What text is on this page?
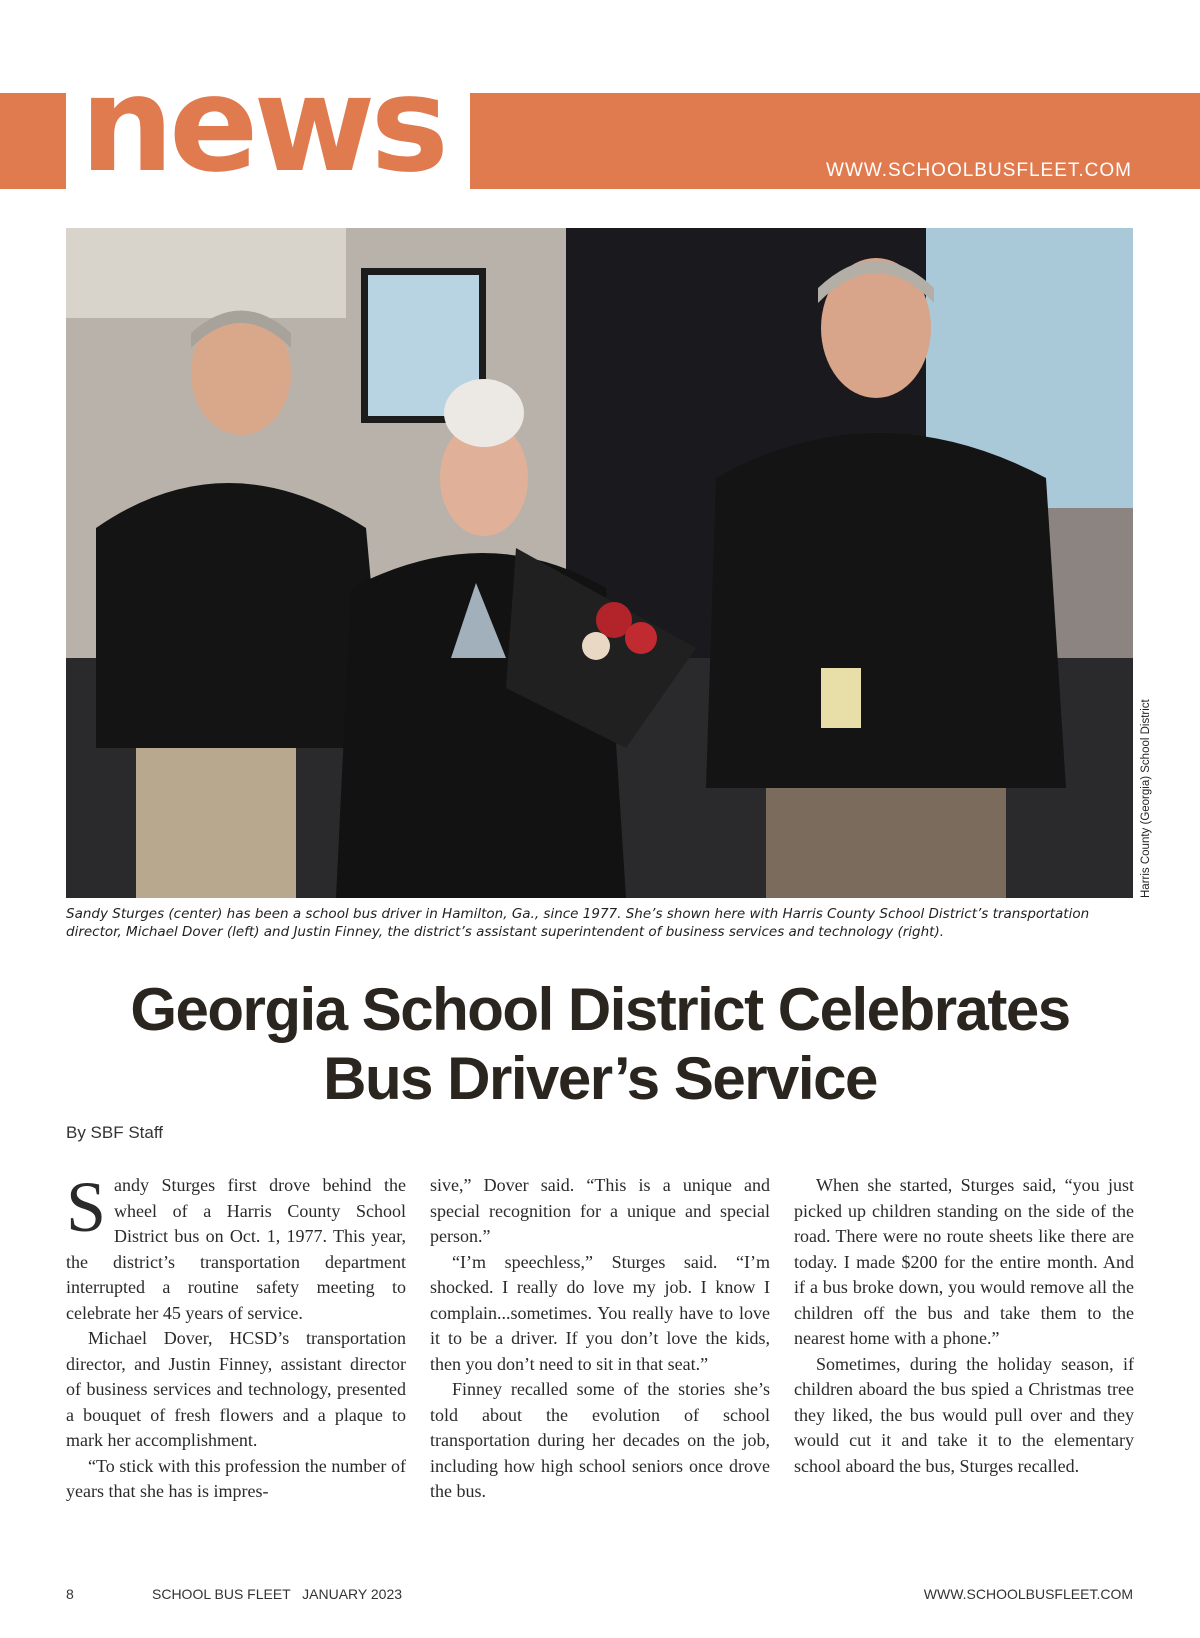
news	WWW.SCHOOLBUSFLEET.COM
Harris County (Georgia) School District
Sandy Sturges (center) has been a school bus driver in Hamilton, Ga., since 1977. She’s shown here with Harris County School District’s transportation director, Michael Dover (left) and Justin Finney, the district’s assistant superintendent of business services and technology (right).
Georgia School District Celebrates
Bus Driver’s Service
By SBF Staff

Sandy Sturges first drove behind the wheel of a Harris County School District bus on Oct. 1, 1977. This year, the district’s transportation department interrupted a routine safety meeting to celebrate her 45 years of service.

Michael Dover, HCSD’s transportation director, and Justin Finney, assistant director of business services and technology, presented a bouquet of fresh flowers and a plaque to mark her accomplishment.

“To stick with this profession the number of years that she has is impres-

sive,” Dover said. “This is a unique and special recognition for a unique and special person.”

“I’m speechless,” Sturges said. “I’m shocked. I really do love my job. I know I complain...sometimes. You really have to love it to be a driver. If you don’t love the kids, then you don’t need to sit in that seat.”

Finney recalled some of the stories she’s told about the evolution of school transportation during her decades on the job, including how high school seniors once drove the bus.

When she started, Sturges said, “you just picked up children standing on the side of the road. There were no route sheets like there are today. I made $200 for the entire month. And if a bus broke down, you would remove all the children off the bus and take them to the nearest home with a phone.”

Sometimes, during the holiday season, if children aboard the bus spied a Christmas tree they liked, the bus would pull over and they would cut it and take it to the elementary school aboard the bus, Sturges recalled.

8	SCHOOL BUS FLEET   JANUARY 2023	WWW.SCHOOLBUSFLEET.COM
